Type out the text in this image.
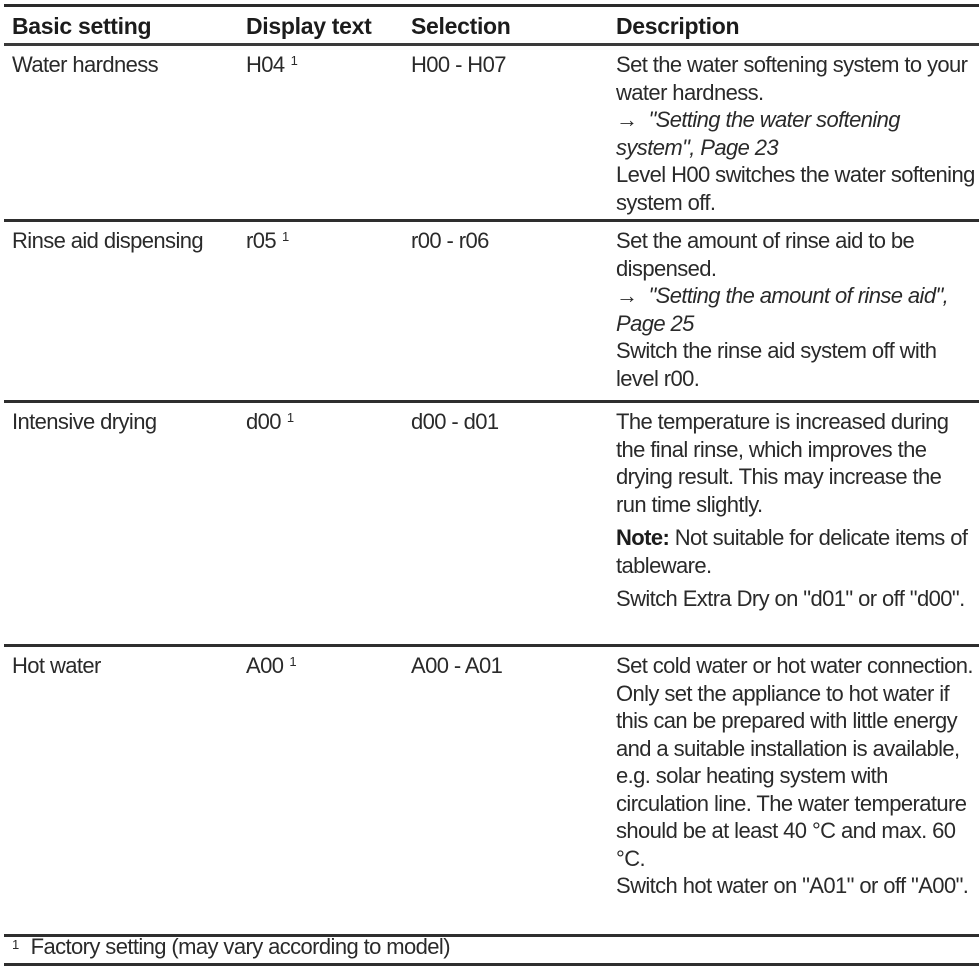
Basic setting	Display text	Selection	Description
Water hardness	H04 $^1$	H00 - H07	Set the water softening system to your water hardness.
→ "Setting the water softening system", Page 23
Level H00 switches the water softening system off.

Rinse aid dispensing	r05 $^1$	r00 - r06	Set the amount of rinse aid to be dispensed.
→ "Setting the amount of rinse aid", Page 25
Switch the rinse aid system off with level r00.

Intensive drying	d00 $^1$	d00 - d01	The temperature is increased during the final rinse, which improves the drying result. This may increase the run time slightly.
Note: Not suitable for delicate items of tableware.
Switch Extra Dry on "d01" or off "d00".

Hot water	A00 $^1$	A00 - A01	Set cold water or hot water connection. Only set the appliance to hot water if this can be prepared with little energy and a suitable installation is available, e.g. solar heating system with circulation line. The water temperature should be at least 40 °C and max. 60 °C.
Switch hot water on "A01" or off "A00".
$^1$ Factory setting (may vary according to model)
